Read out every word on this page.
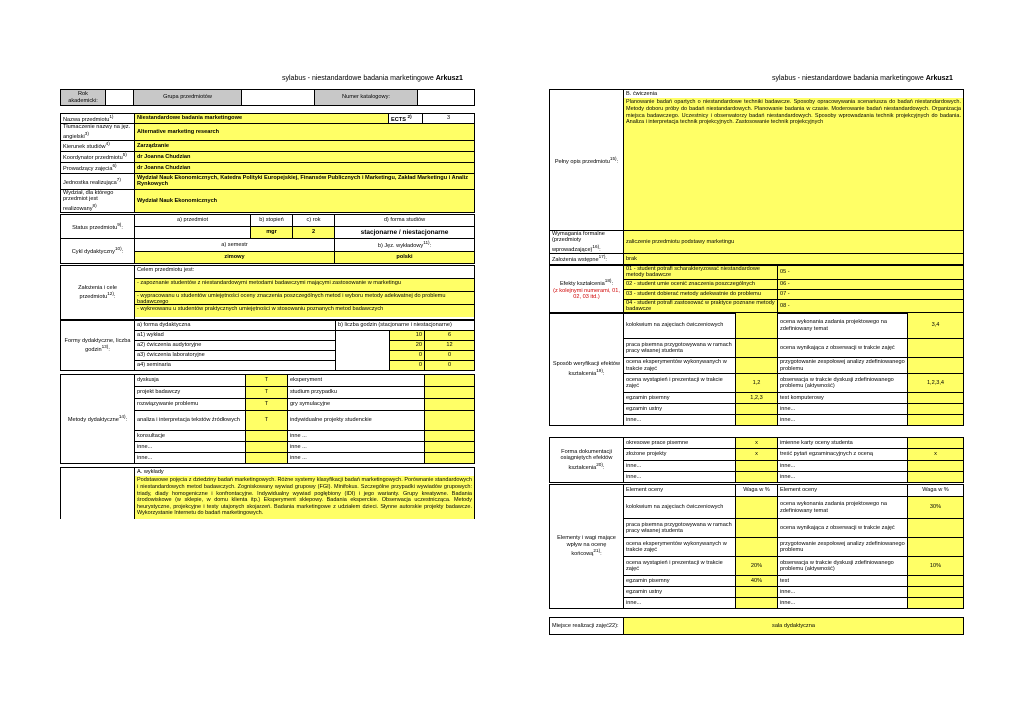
sylabus - niestandardowe badania marketingowe Arkusz1	sylabus - niestandardowe badania marketingowe Arkusz1
Rok akademicki:		Grupa przedmiotów		Numer katalogowy:	
Nazwa przedmiotu$^{1)}$	Niestandardowe badania marketingowe	ECTS $^{2)}$	3
Tłumaczenie nazwy na jęz. angielski$^{3)}$	Alternative marketing research		
Kierunek studiów$^{4)}$	Zarządzanie		
Koordynator przedmiotu$^{5)}$	dr Joanna Chudzian		
Prowadzący zajęcia$^{6)}$	dr Joanna Chudzian		
Jednostka realizująca$^{7)}$	Wydział Nauk Ekonomicznych, Katedra Polityki Europejskiej, Finansów Publicznych i Marketingu, Zakład Marketingu i Analiz Rynkowych		
Wydział, dla którego przedmiot jest realizowany$^{8)}$	Wydział Nauk Ekonomicznych		
Status przedmiotu$^{9)}$:	a) przedmiot	b) stopień	c) rok	d) forma studiów
		mgr	2	stacjonarne / niestacjonarne
Cykl dydaktyczny$^{10)}$:	a) semestr			b) Jęz. wykładowy$^{11)}$:
	zimowy			polski
Założenia i cele przedmiotu$^{12)}$:	
Celem przedmiotu jest:
- zapoznanie studentów z niestandardowymi metodami badawczymi mającymi zastosowanie w marketingu
- wypracowanu u studentów umiejętności oceny znaczenia poszczególnych metod i wyboru metody adekwatnej do problemu badawczego
- wykreowanu u studentów praktycznych umiejętności w stosowaniu poznanych metod badawczych
Formy dydaktyczne, liczba godzin$^{13)}$:	a) forma dydaktyczna	b) liczba godzin (stacjonarne i niestacjonarne)		
	a1) wykład		10	6
	a2) ćwiczenia audytoryjne		20	12
	a3) ćwiczenia laboratoryjne		0	0
	a4) seminaria		0	0
Metody dydaktyczne$^{14)}$:	dyskusja	T	eksperyment	
	projekt badawczy	T	studium przypadku	
	rozwiązywanie problemu	T	gry symulacyjne	
	analiza i interpretacja tekstów źródłowych	T	indywidualne projekty studenckie	
	konsultacje		inne ...	
	inne...		inne ...	
	inne...		inne ...	

A. wykłady
Podstawowe pojęcia z dziedziny badań marketingowych. Różne systemy klasyfikacji badań marketingowych. Porównanie standardowych i niestandardowych metod badawczych. Zogniskowany wywiad grupowy (FGI). Minifokus. Szczególne przypadki wywiadów grupowych: triady, diady homogeniczne i konfrontacyjne. Indywidualny wywiad pogłębiony (IDI) i jego warianty. Grupy kreatywne. Badania środowiskowe (w sklepie, w domu klienta itp.) Eksperyment sklepowy. Badania eksperckie. Obserwacja uczestnicząca. Metody heurystyczne, projekcyjne i testy utajonych skojarzeń. Badania marketingowe z udziałem dzieci. Słynne autorskie projekty badawcze. Wykorzystanie Internetu do badań marketingowych.
Pełny opis przedmiotu$^{15)}$:	
B. ćwiczenia
Planowanie badań opartych o niestandardowe techniki badawcze. Sposoby opracowywania scenariusza do badań niestandardowych. Metody doboru próby do badań niestandardowych. Planowanie badania w czasie. Moderowanie badań niestandardowych. Organizacja miejsca badawczego. Uczestnicy i obserwatorzy badań niestandardowych. Sposoby wprowadzania technik projekcyjnych do badania. Analiza i interpretacja technik projekcyjnych. Zastosowanie technik projekcyjnych
Wymagania formalne (przedmioty wprowadzające)$^{16)}$:	zaliczenie przedmiotu podstawy marketingu
Założenia wstępne$^{17)}$:	brak
Efekty kształcenia$^{18)}$:
(z kolejnymi numerami, 01, 02, 03 itd.)	01 - student potrafi scharakteryzować niestandardowe metody badawcze	05 -
	02 - student umie ocenić znaczenia poszczególnych	06 -
	03 - student dobierać metody adekwatnie do problemu	07 -
	04 - student potrafi zastosować w praktyce poznane metody badawcze	08 -
Sposób weryfikacji efektów kształcenia$^{19)}$:	kolokwium na zajęciach ćwiczeniowych		ocena wykonania zadania projektowego na zdefiniowany temat	3,4
	praca pisemna przygotowywana w ramach pracy własnej studenta		ocena wynikająca z obserwacji w trakcie zajęć	
	ocena eksperymentów wykonywanych w trakcie zajęć		przygotowanie zespołowej analizy zdefiniowanego problemu	
	ocena wystąpień i prezentacji w trakcie zajęć	1,2	obserwacja w trakcie dyskusji zdefiniowanego problemu (aktywność)	1,2,3,4
	egzamin pisemny	1,2,3	test komputerowy	
	egzamin ustny		inne...	
	inne...		inne...	
Forma dokumentacji osiągniętych efektów kształcenia$^{20)}$:	okresowe prace pisemne	x	imienne karty oceny studenta	
	złożone projekty	x	treść pytań egzaminacyjnych z oceną	x
	inne...		inne...	
	inne...		inne...	
Elementy i wagi mające wpływ na ocenę końcową$^{21)}$:	Element oceny	Waga w %	Element oceny	Waga w %
	kolokwium na zajęciach ćwiczeniowych		ocena wykonania zadania projektowego na zdefiniowany temat	30%
	praca pisemna przygotowywana w ramach pracy własnej studenta		ocena wynikająca z obserwacji w trakcie zajęć	
	ocena eksperymentów wykonywanych w trakcie zajęć		przygotowanie zespołowej analizy zdefiniowanego problemu	
	ocena wystąpień i prezentacji w trakcie zajęć	20%	obserwacja w trakcie dyskusji zdefiniowanego problemu (aktywność)	10%
	egzamin pisemny	40%	test	
	egzamin ustny		inne...	
	inne...		inne...	
Miejsce realizacji zajęć22):	sala dydaktyczna
